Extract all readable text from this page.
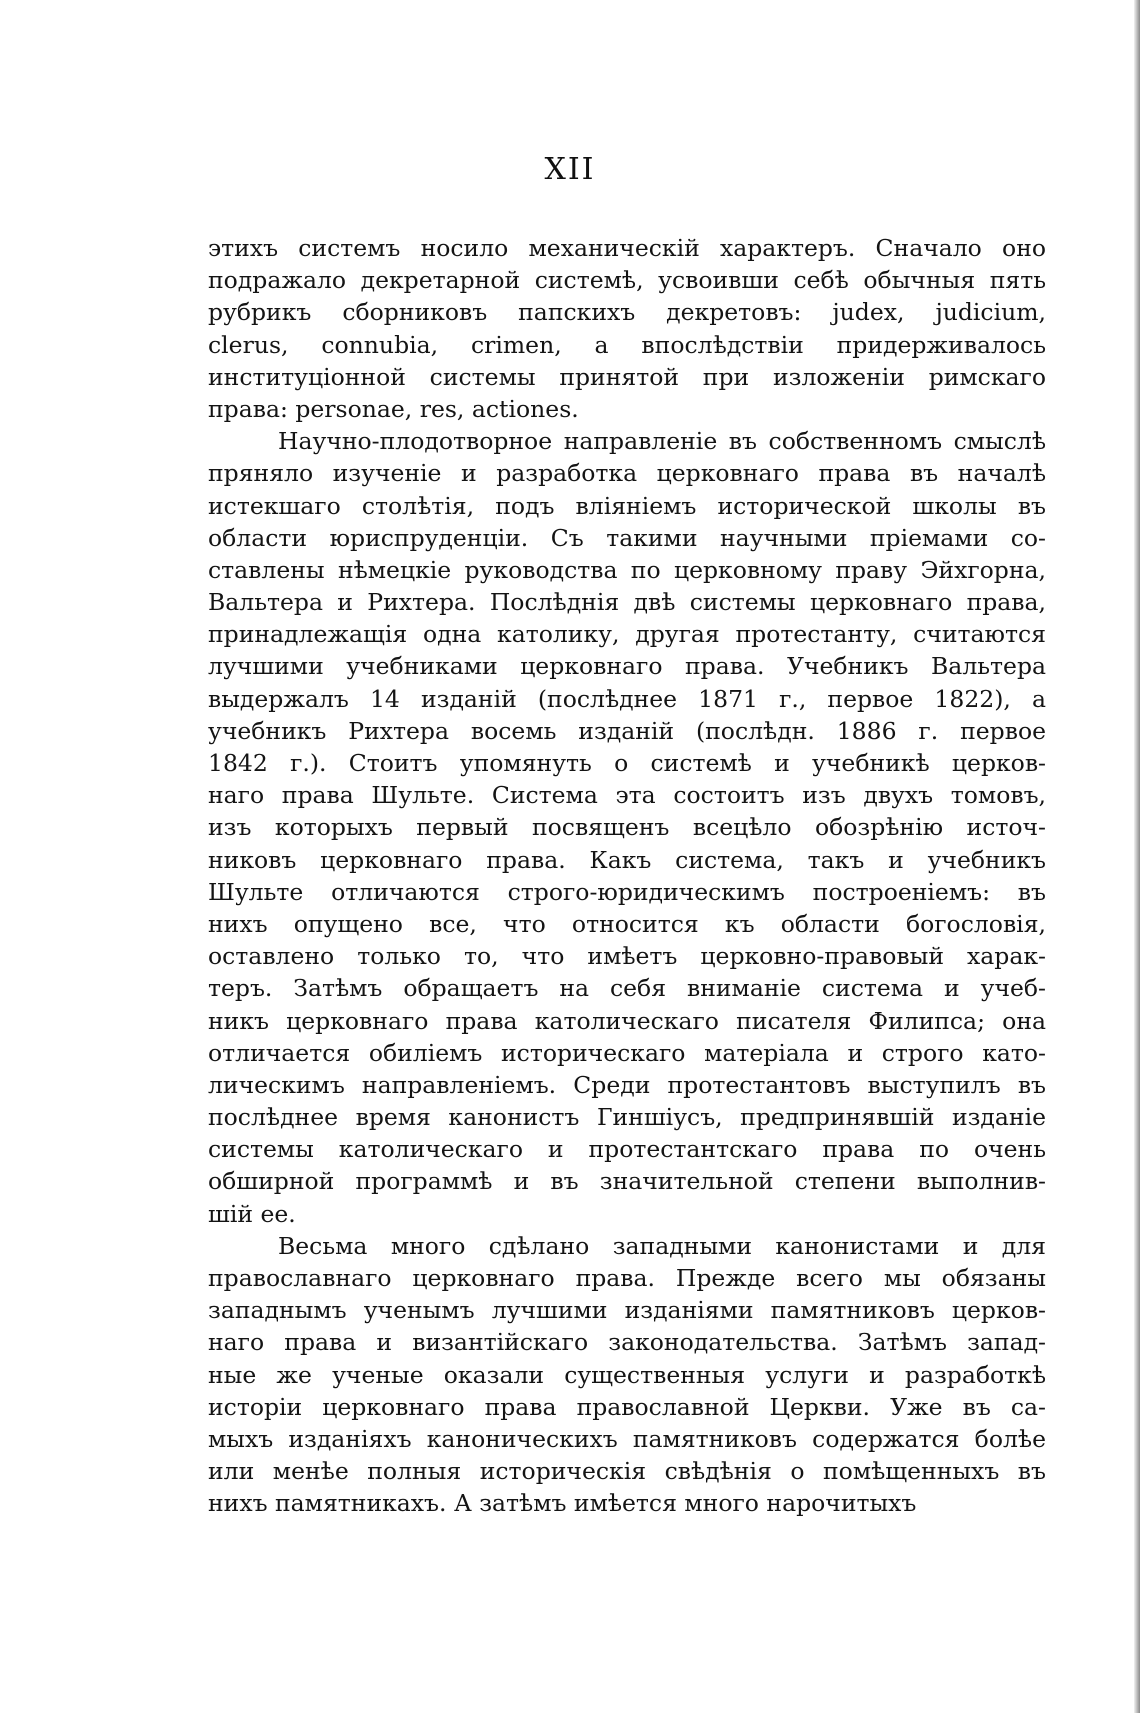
XII
этихъ системъ носило механическій характеръ. Сначало оно
подражало декретарной системѣ, усвоивши себѣ обычныя пять
рубрикъ сборниковъ папскихъ декретовъ: judex, judicium,
clerus, connubia, crimen, а впослѣдствіи придерживалось
институціонной системы принятой при изложеніи римскаго
права: personae, res, actiones.
Научно-плодотворное направленіе въ собственномъ смыслѣ
пряняло изученіе и разработка церковнаго права въ началѣ
истекшаго столѣтія, подъ вліяніемъ исторической школы въ
области юриспруденціи. Съ такими научными пріемами со-
ставлены нѣмецкіе руководства по церковному праву Эйхгорна,
Вальтера и Рихтера. Послѣднія двѣ системы церковнаго права,
принадлежащія одна католику, другая протестанту, считаются
лучшими учебниками церковнаго права. Учебникъ Вальтера
выдержалъ 14 изданій (послѣднее 1871 г., первое 1822), а
учебникъ Рихтера восемь изданій (послѣдн. 1886 г. первое
1842 г.). Стоитъ упомянуть о системѣ и учебникѣ церков-
наго права Шульте. Система эта состоитъ изъ двухъ томовъ,
изъ которыхъ первый посвященъ всецѣло обозрѣнію источ-
никовъ церковнаго права. Какъ система, такъ и учебникъ
Шульте отличаются строго-юридическимъ построеніемъ: въ
нихъ опущено все, что относится къ области богословія,
оставлено только то, что имѣетъ церковно-правовый харак-
теръ. Затѣмъ обращаетъ на себя вниманіе система и учеб-
никъ церковнаго права католическаго писателя Филипса; она
отличается обиліемъ историческаго матеріала и строго като-
лическимъ направленіемъ. Среди протестантовъ выступилъ въ
послѣднее время канонистъ Гиншіусъ, предпринявшій изданіе
системы католическаго и протестантскаго права по очень
обширной программѣ и въ значительной степени выполнив-
шій ее.
Весьма много сдѣлано западными канонистами и для
православнаго церковнаго права. Прежде всего мы обязаны
западнымъ ученымъ лучшими изданіями памятниковъ церков-
наго права и византійскаго законодательства. Затѣмъ запад-
ные же ученые оказали существенныя услуги и разработкѣ
исторіи церковнаго права православной Церкви. Уже въ са-
мыхъ изданіяхъ каноническихъ памятниковъ содержатся болѣе
или менѣе полныя историческія свѣдѣнія о помѣщенныхъ въ
нихъ памятникахъ. А затѣмъ имѣется много нарочитыхъ
